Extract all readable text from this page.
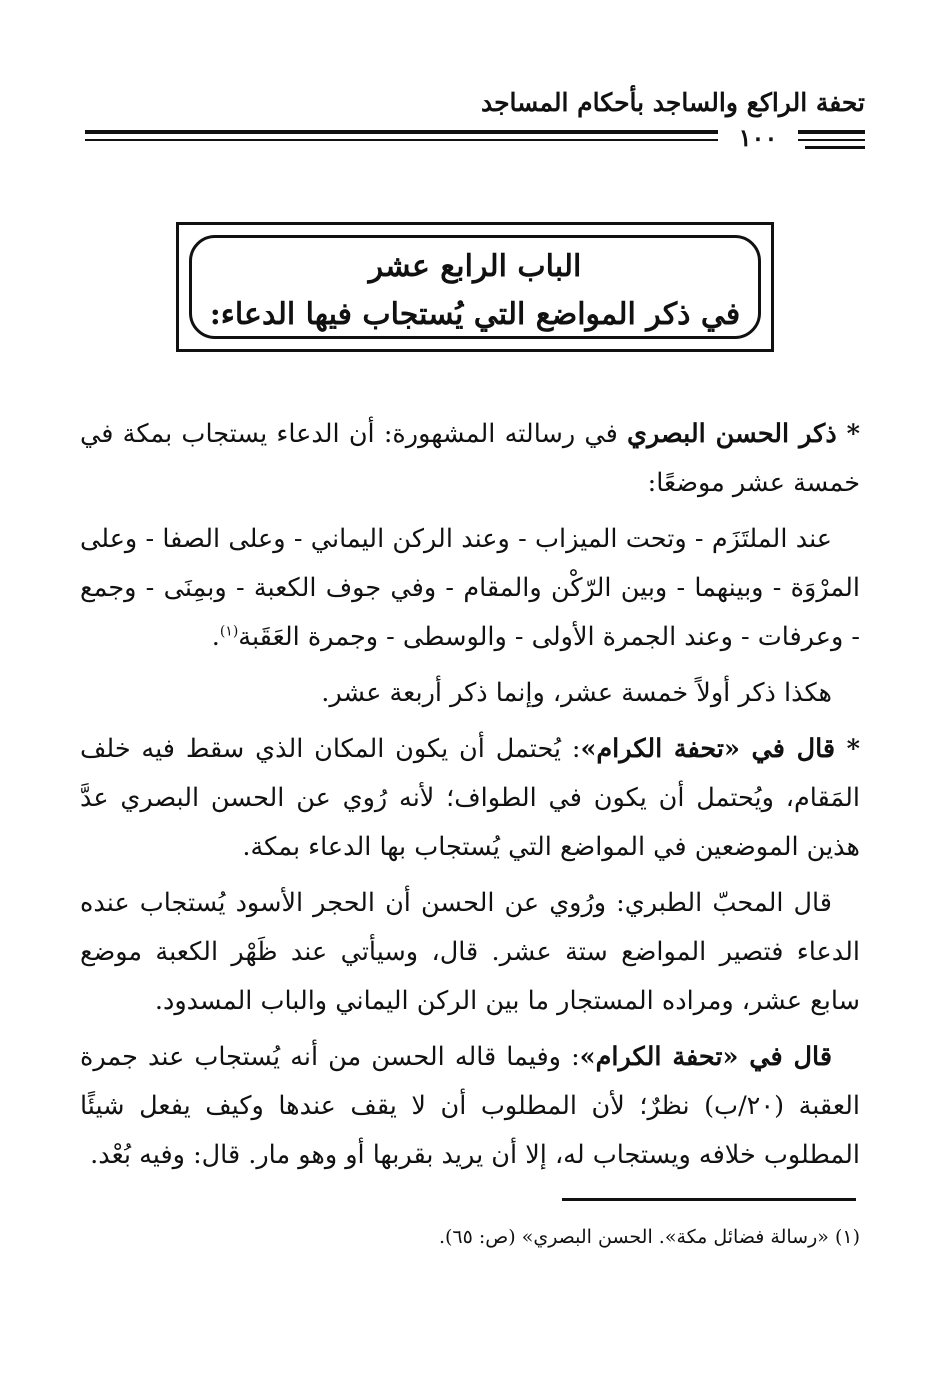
تحفة الراكع والساجد بأحكام المساجد
١٠٠
الباب الرابع عشر
في ذكر المواضع التي يُستجاب فيها الدعاء:

* ذكر الحسن البصري في رسالته المشهورة: أن الدعاء يستجاب بمكة في خمسة عشر موضعًا:

عند الملتَزَم - وتحت الميزاب - وعند الركن اليماني - وعلى الصفا - وعلى المرْوَة - وبينهما - وبين الرّكْن والمقام - وفي جوف الكعبة - وبمِنَى - وجمع - وعرفات - وعند الجمرة الأولى - والوسطى - وجمرة العَقَبة$^{(١)}$.

هكذا ذكر أولاً خمسة عشر، وإنما ذكر أربعة عشر.

* قال في «تحفة الكرام»: يُحتمل أن يكون المكان الذي سقط فيه خلف المَقام، ويُحتمل أن يكون في الطواف؛ لأنه رُوي عن الحسن البصري عدَّ هذين الموضعين في المواضع التي يُستجاب بها الدعاء بمكة.

قال المحبّ الطبري: ورُوي عن الحسن أن الحجر الأسود يُستجاب عنده الدعاء فتصير المواضع ستة عشر. قال، وسيأتي عند ظَهْر الكعبة موضع سابع عشر، ومراده المستجار ما بين الركن اليماني والباب المسدود.

قال في «تحفة الكرام»: وفيما قاله الحسن من أنه يُستجاب عند جمرة العقبة (٢٠/ب) نظرٌ؛ لأن المطلوب أن لا يقف عندها وكيف يفعل شيئًا المطلوب خلافه ويستجاب له، إلا أن يريد بقربها أو وهو مار. قال: وفيه بُعْد.

(١) «رسالة فضائل مكة». الحسن البصري» (ص: ٦٥).
